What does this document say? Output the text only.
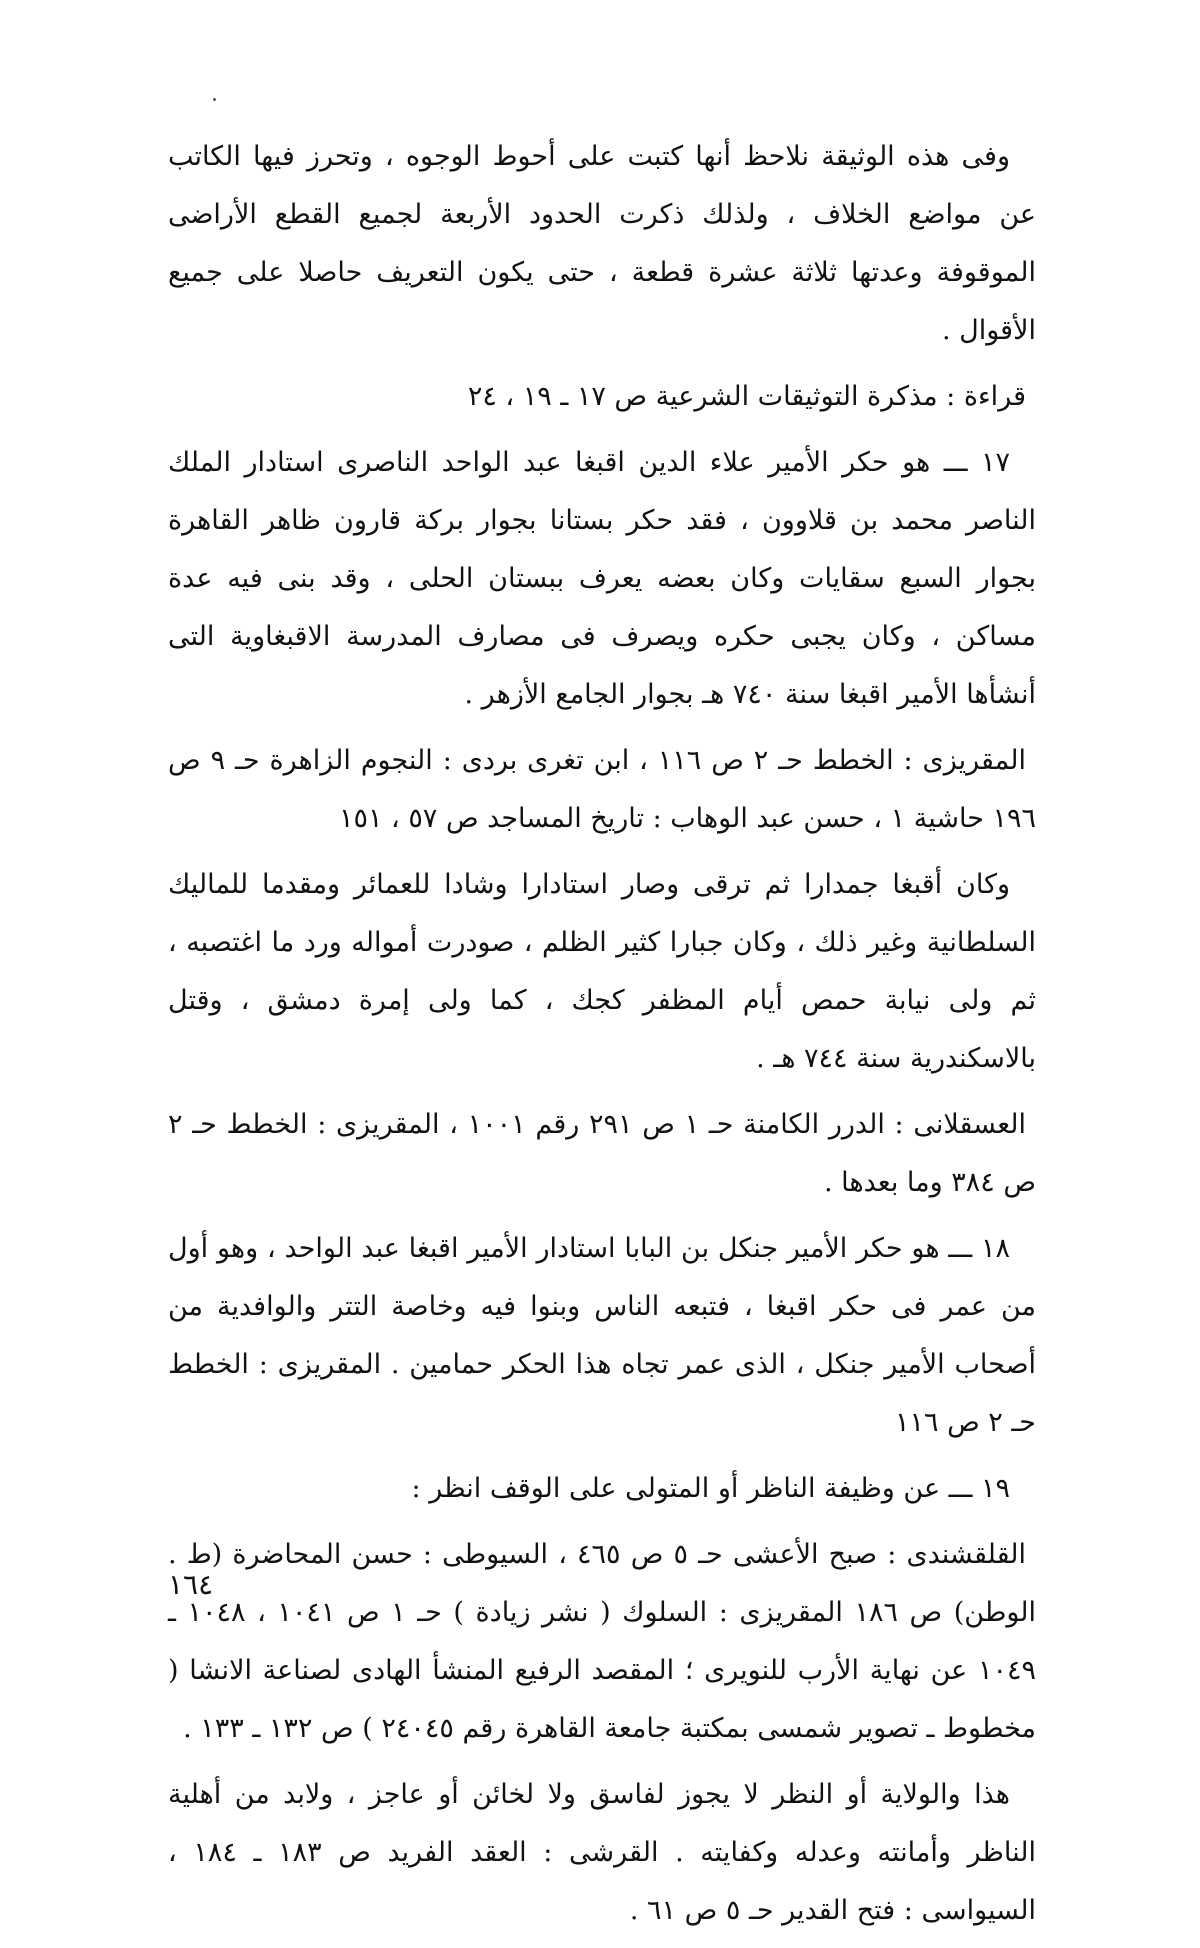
وفى هذه الوثيقة نلاحظ أنها كتبت على أحوط الوجوه ، وتحرز فيها الكاتب عن مواضع الخلاف ، ولذلك ذكرت الحدود الأربعة لجميع القطع الأراضى الموقوفة وعدتها ثلاثة عشرة قطعة ، حتى يكون التعريف حاصلا على جميع الأقوال .

قراءة : مذكرة التوثيقات الشرعية ص ١٧ ـ ١٩ ، ٢٤

١٧ ـــ هو حكر الأمير علاء الدين اقبغا عبد الواحد الناصرى استادار الملك الناصر محمد بن قلاوون ، فقد حكر بستانا بجوار بركة قارون ظاهر القاهرة بجوار السبع سقايات وكان بعضه يعرف ببستان الحلى ، وقد بنى فيه عدة مساكن ، وكان يجبى حكره ويصرف فى مصارف المدرسة الاقبغاوية التى أنشأها الأمير اقبغا سنة ٧٤٠ هـ بجوار الجامع الأزهر .

المقريزى : الخطط حـ ٢ ص ١١٦ ، ابن تغرى بردى : النجوم الزاهرة حـ ٩ ص ١٩٦ حاشية ١ ، حسن عبد الوهاب : تاريخ المساجد ص ٥٧ ، ١٥١

وكان أقبغا جمدارا ثم ترقى وصار استادارا وشادا للعمائر ومقدما للماليك السلطانية وغير ذلك ، وكان جبارا كثير الظلم ، صودرت أمواله ورد ما اغتصبه ، ثم ولى نيابة حمص أيام المظفر كجك ، كما ولى إمرة دمشق ، وقتل بالاسكندرية سنة ٧٤٤ هـ .

العسقلانى : الدرر الكامنة حـ ١ ص ٢٩١ رقم ١٠٠١ ، المقريزى : الخطط حـ ٢ ص ٣٨٤ وما بعدها .

١٨ ـــ هو حكر الأمير جنكل بن البابا استادار الأمير اقبغا عبد الواحد ، وهو أول من عمر فى حكر اقبغا ، فتبعه الناس وبنوا فيه وخاصة التتر والوافدية من أصحاب الأمير جنكل ، الذى عمر تجاه هذا الحكر حمامين . المقريزى : الخطط حـ ٢ ص ١١٦

١٩ ـــ عن وظيفة الناظر أو المتولى على الوقف انظر :

القلقشندى : صبح الأعشى حـ ٥ ص ٤٦٥ ، السيوطى : حسن المحاضرة (ط . الوطن) ص ١٨٦ المقريزى : السلوك ( نشر زيادة ) حـ ١ ص ١٠٤١ ، ١٠٤٨ ـ ١٠٤٩ عن نهاية الأرب للنويرى ؛ المقصد الرفيع المنشأ الهادى لصناعة الانشا ( مخطوط ـ تصوير شمسى بمكتبة جامعة القاهرة رقم ٢٤٠٤٥ ) ص ١٣٢ ـ ١٣٣ .

هذا والولاية أو النظر لا يجوز لفاسق ولا لخائن أو عاجز ، ولابد من أهلية الناظر وأمانته وعدله وكفايته . القرشى : العقد الفريد ص ١٨٣ ـ ١٨٤ ، السيواسى : فتح القدير حـ ٥ ص ٦١ .

١٦٤
